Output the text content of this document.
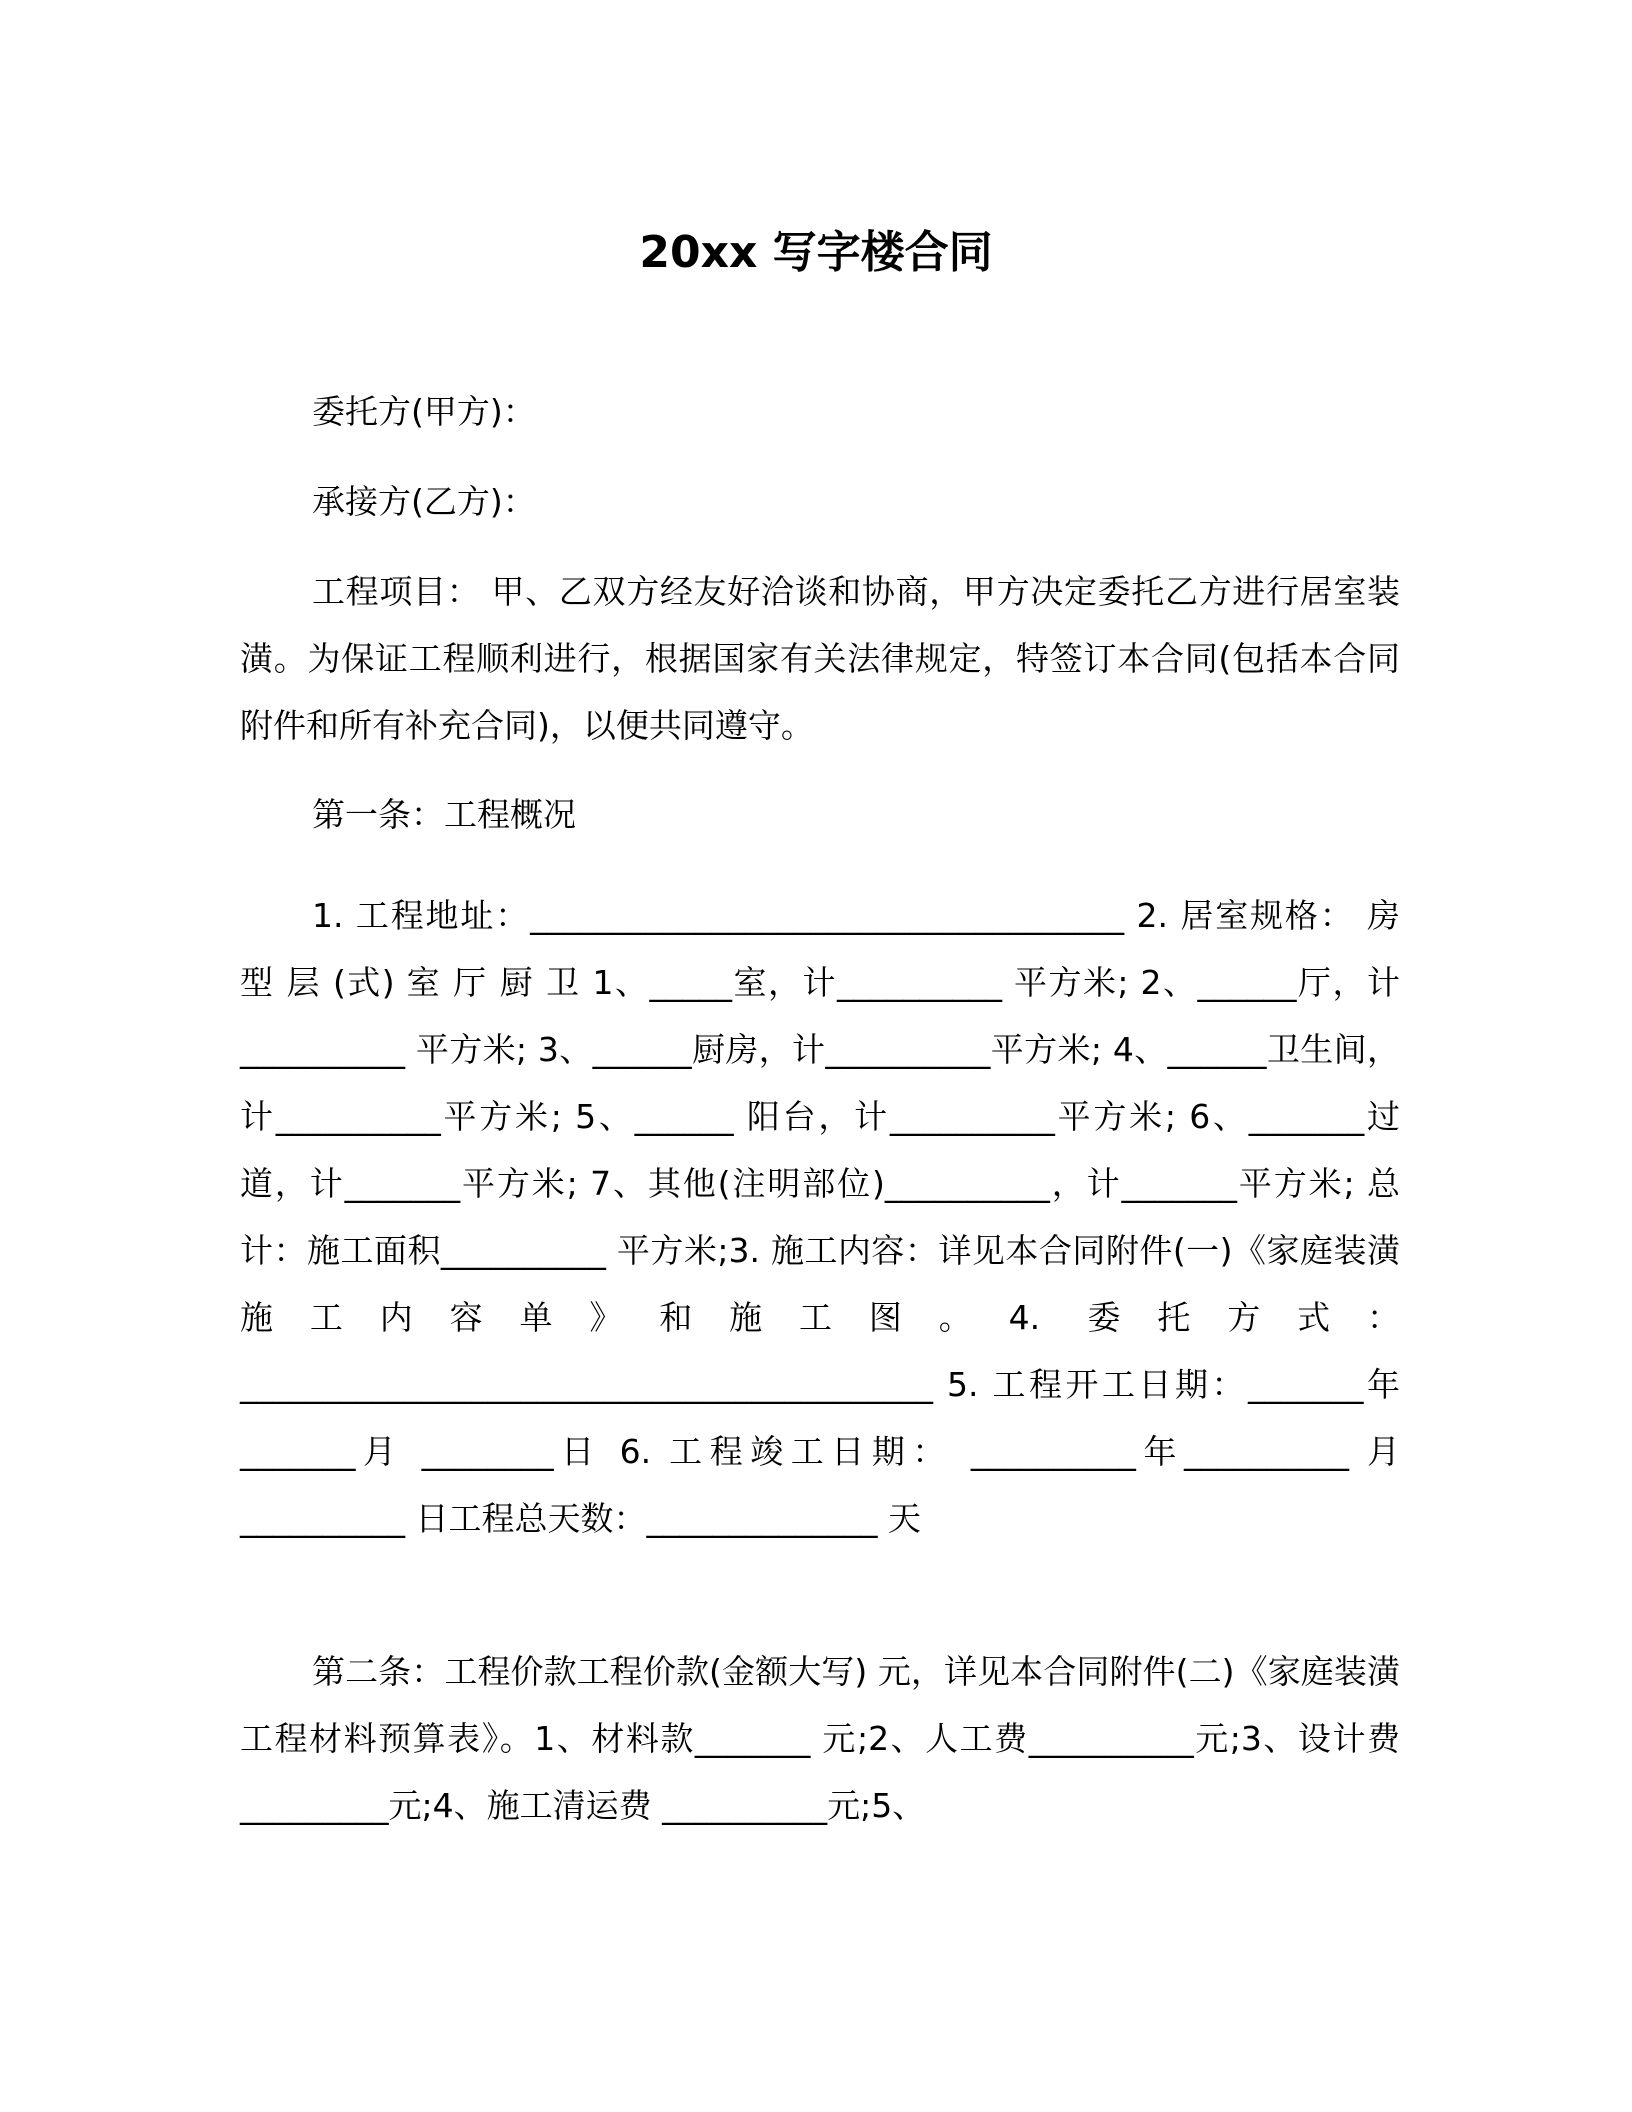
20xx 写字楼合同

委托方(甲方)：

承接方(乙方)：

工程项目： 甲、乙双方经友好洽谈和协商，甲方决定委托乙方进行居室装潢。为保证工程顺利进行，根据国家有关法律规定，特签订本合同(包括本合同附件和所有补充合同)，以便共同遵守。

第一条：工程概况

1. 工程地址：____________________________________ 2. 居室规格： 房 型 层 (式) 室 厅 厨 卫 1、_____室，计__________ 平方米; 2、______厅，计__________ 平方米; 3、______厨房，计__________平方米; 4、______卫生间，计__________平方米; 5、______ 阳台，计__________平方米; 6、_______过道，计_______平方米; 7、其他(注明部位)__________，计_______平方米; 总计：施工面积__________ 平方米;3. 施工内容：详见本合同附件(一)《家庭装潢施工内容单》和施工图。4. 委托方式：__________________________________________ 5. 工程开工日期：_______年 _______月 ________日 6. 工程竣工日期： __________年__________ 月__________ 日工程总天数：______________ 天

第二条：工程价款工程价款(金额大写) 元，详见本合同附件(二)《家庭装潢工程材料预算表》。1、材料款_______ 元;2、人工费__________元;3、设计费 _________元;4、施工清运费 __________元;5、
